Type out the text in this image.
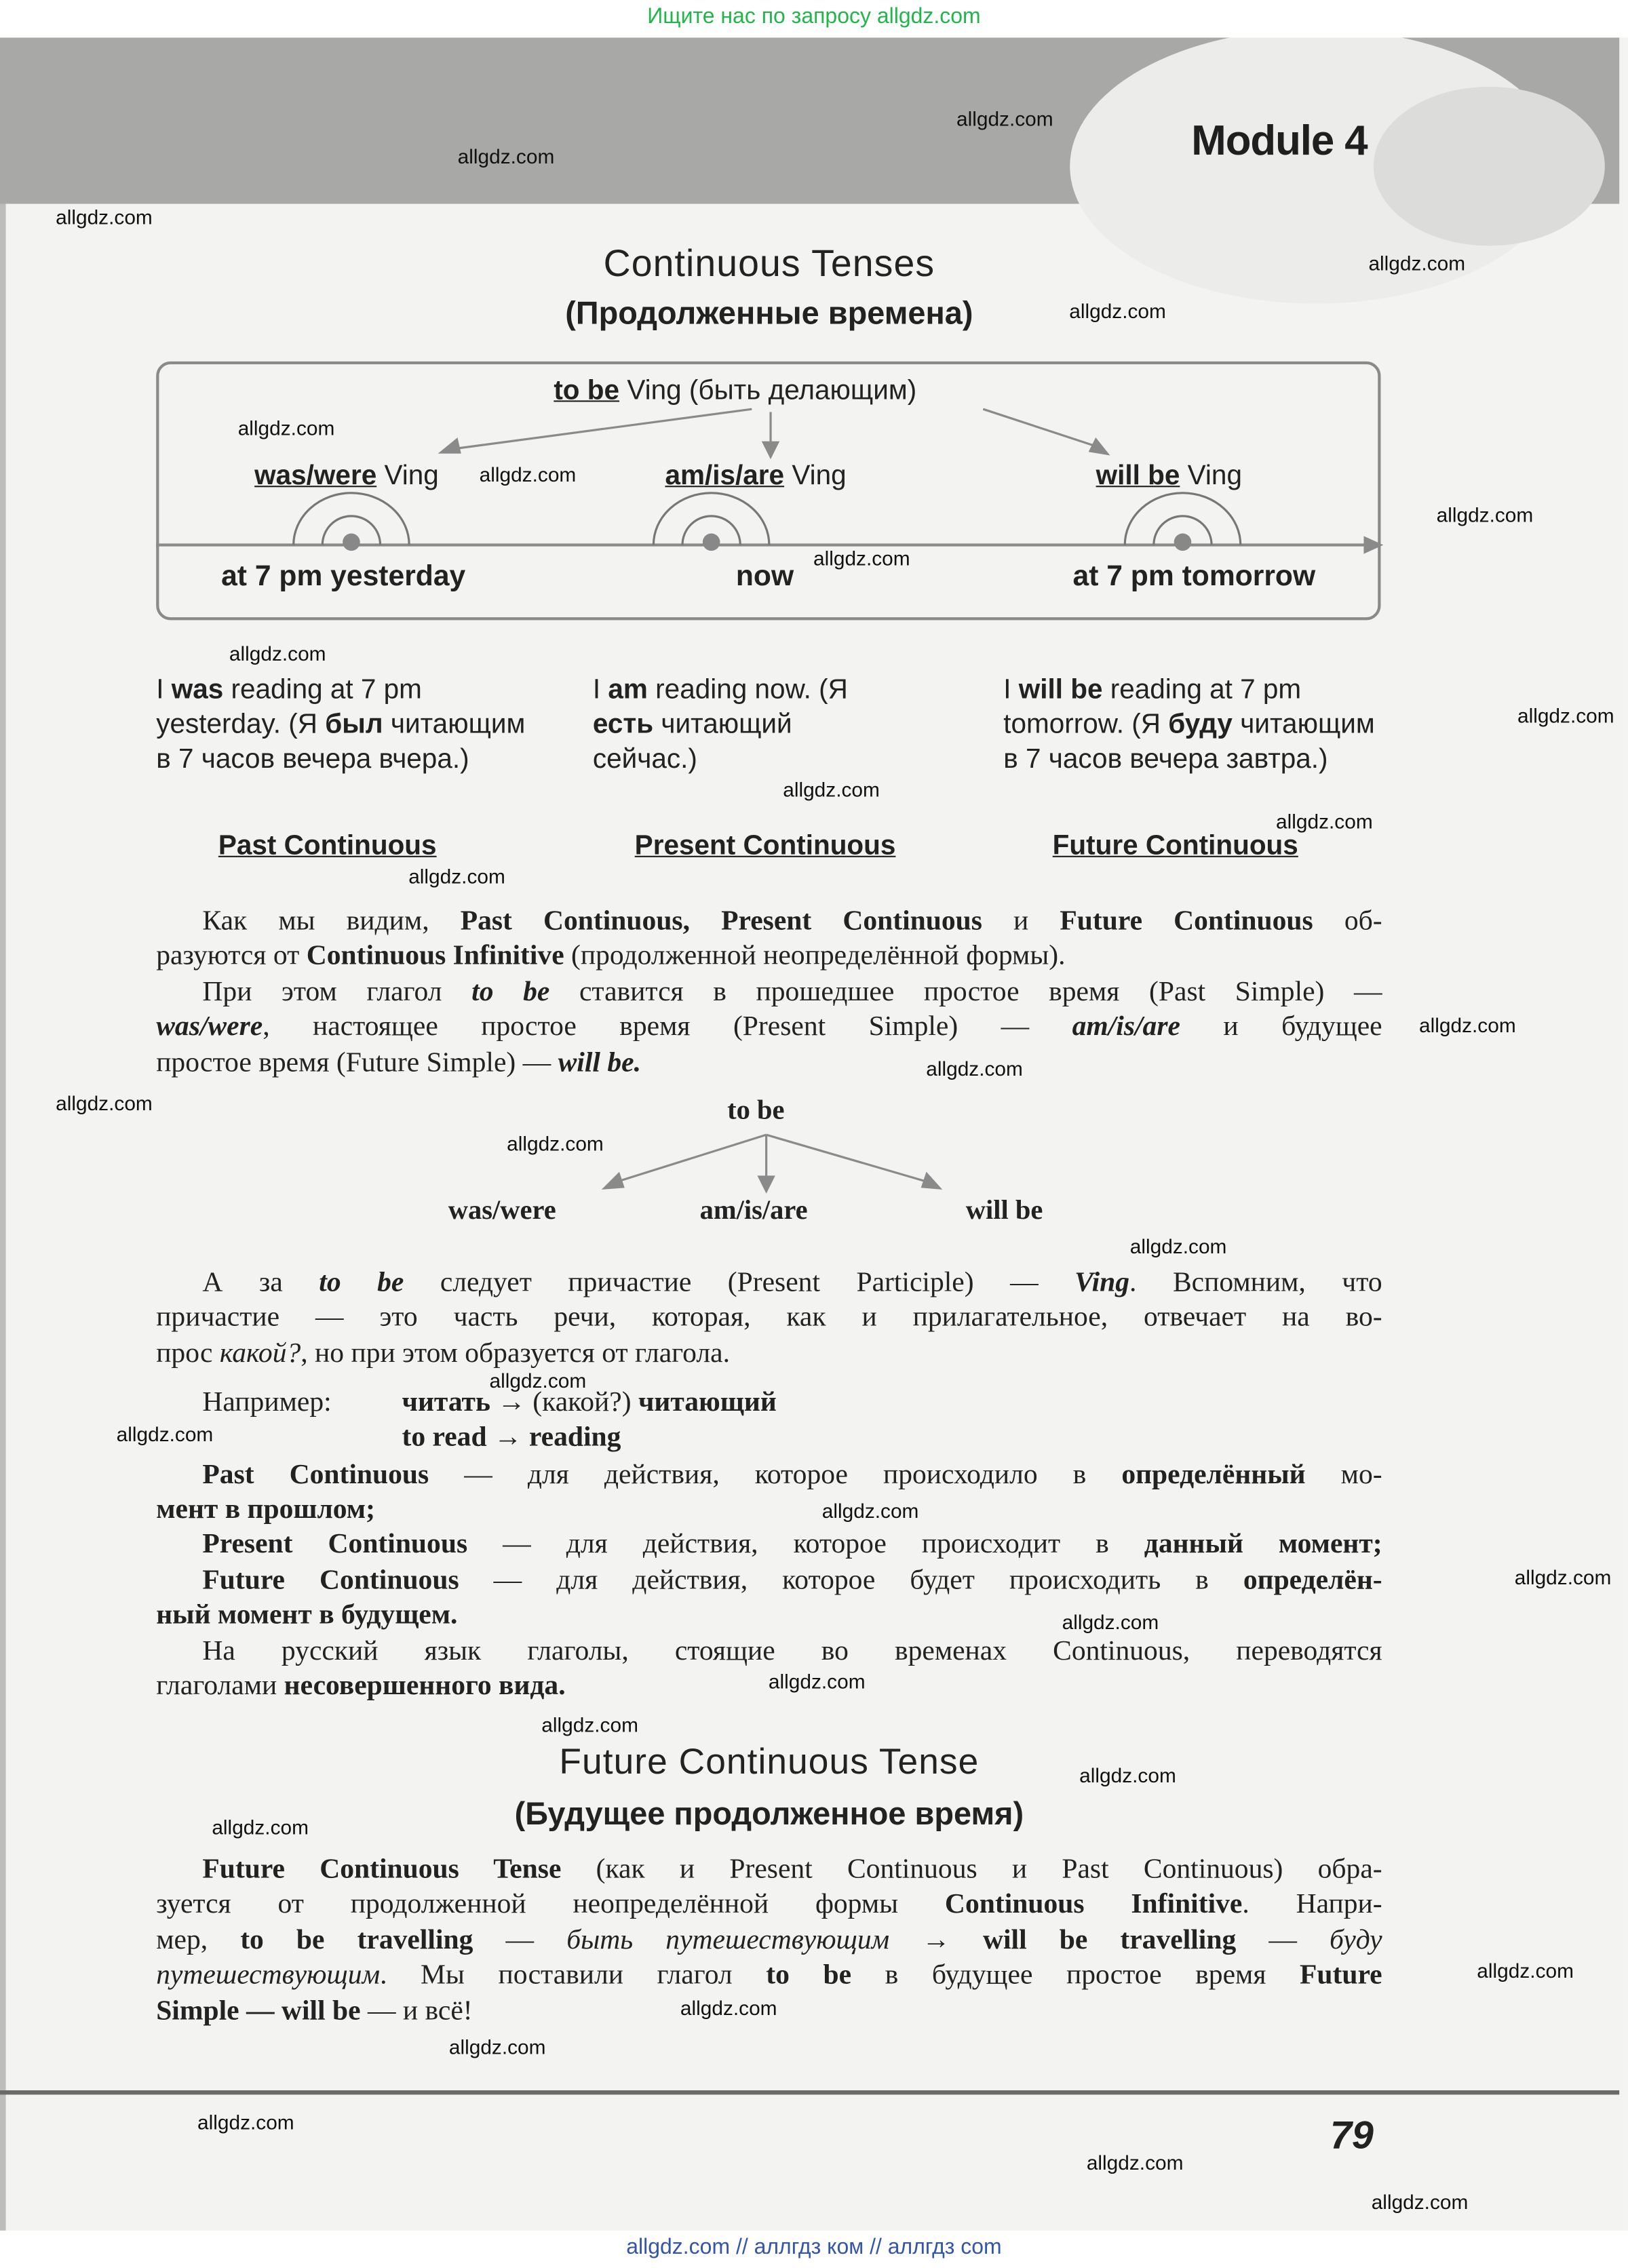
Ищите нас по запросу allgdz.com
Module 4
Continuous Tenses
(Продолженные времена)
to be Ving (быть делающим)
was/were Ving	am/is/are Ving	will be Ving
at 7 pm yesterday	now	at 7 pm tomorrow
I was reading at 7 pm yesterday. (Я был читающим в 7 часов вечера вчера.)
I am reading now. (Я есть читающий сейчас.)
I will be reading at 7 pm tomorrow. (Я буду читающим в 7 часов вечера завтра.)
Past Continuous	Present Continuous	Future Continuous
Как мы видим, Past Continuous, Present Continuous и Future Continuous об-
разуются от Continuous Infinitive (продолженной неопределённой формы).
При этом глагол to be ставится в прошедшее простое время (Past Simple) —
was/were, настоящее простое время (Present Simple) — am/is/are и будущее
простое время (Future Simple) — will be.
to be
was/were	am/is/are	will be
А за to be следует причастие (Present Participle) — Ving. Вспомним, что
причастие — это часть речи, которая, как и прилагательное, отвечает на во-
прос какой?, но при этом образуется от глагола.
Например:	читать → (какой?) читающий
to read → reading
Past Continuous — для действия, которое происходило в определённый мо-
мент в прошлом;
Present Continuous — для действия, которое происходит в данный момент;
Future Continuous — для действия, которое будет происходить в определён-
ный момент в будущем.
На русский язык глаголы, стоящие во временах Continuous, переводятся
глаголами несовершенного вида.
Future Continuous Tense
(Будущее продолженное время)
Future Continuous Tense (как и Present Continuous и Past Continuous) обра-
зуется от продолженной неопределённой формы Continuous Infinitive. Напри-
мер, to be travelling — быть путешествующим → will be travelling — буду
путешествующим. Мы поставили глагол to be в будущее простое время Future
Simple — will be — и всё!
79
allgdz.com // аллгдз ком // аллгдз com
allgdz.com
allgdz.com
allgdz.com
allgdz.com
allgdz.com
allgdz.com
allgdz.com
allgdz.com
allgdz.com
allgdz.com
allgdz.com
allgdz.com
allgdz.com
allgdz.com
allgdz.com
allgdz.com
allgdz.com
allgdz.com
allgdz.com
allgdz.com
allgdz.com
allgdz.com
allgdz.com
allgdz.com
allgdz.com
allgdz.com
allgdz.com
allgdz.com
allgdz.com
allgdz.com
allgdz.com
allgdz.com
allgdz.com
allgdz.com
